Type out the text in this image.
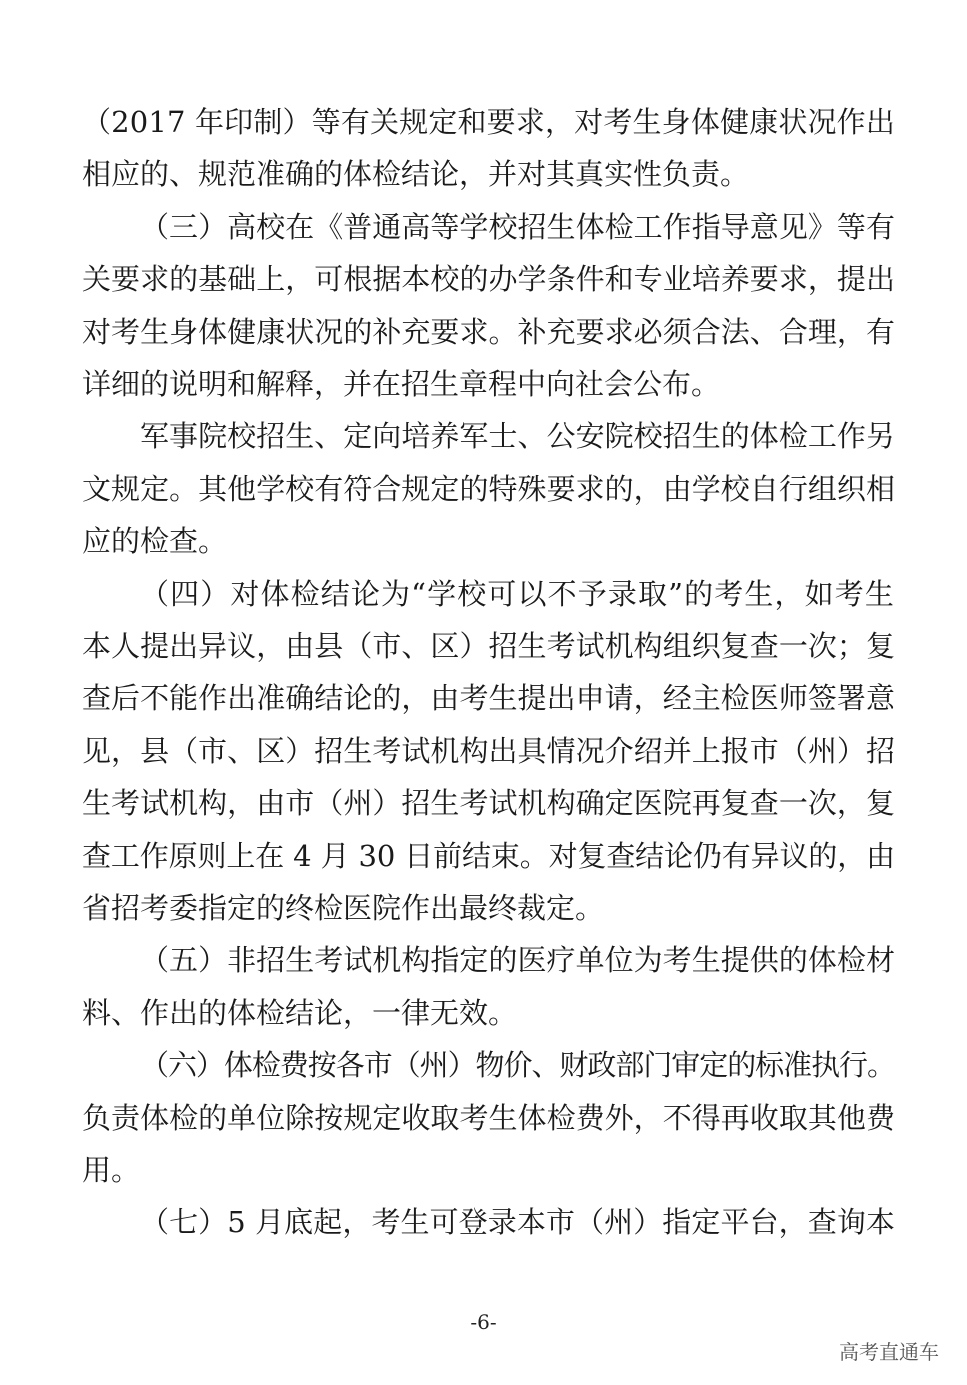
（2017 年印制）等有关规定和要求，对考生身体健康状况作出
相应的、规范准确的体检结论，并对其真实性负责。
（三）高校在《普通高等学校招生体检工作指导意见》等有
关要求的基础上，可根据本校的办学条件和专业培养要求，提出
对考生身体健康状况的补充要求。补充要求必须合法、合理，有
详细的说明和解释，并在招生章程中向社会公布。
军事院校招生、定向培养军士、公安院校招生的体检工作另
文规定。其他学校有符合规定的特殊要求的，由学校自行组织相
应的检查。
（四）对体检结论为“学校可以不予录取”的考生，如考生
本人提出异议，由县（市、区）招生考试机构组织复查一次；复
查后不能作出准确结论的，由考生提出申请，经主检医师签署意
见，县（市、区）招生考试机构出具情况介绍并上报市（州）招
生考试机构，由市（州）招生考试机构确定医院再复查一次，复
查工作原则上在 4 月 30 日前结束。对复查结论仍有异议的，由
省招考委指定的终检医院作出最终裁定。
（五）非招生考试机构指定的医疗单位为考生提供的体检材
料、作出的体检结论，一律无效。
（六）体检费按各市（州）物价、财政部门审定的标准执行。
负责体检的单位除按规定收取考生体检费外，不得再收取其他费
用。
（七）5 月底起，考生可登录本市（州）指定平台，查询本
-6-
高考直通车
